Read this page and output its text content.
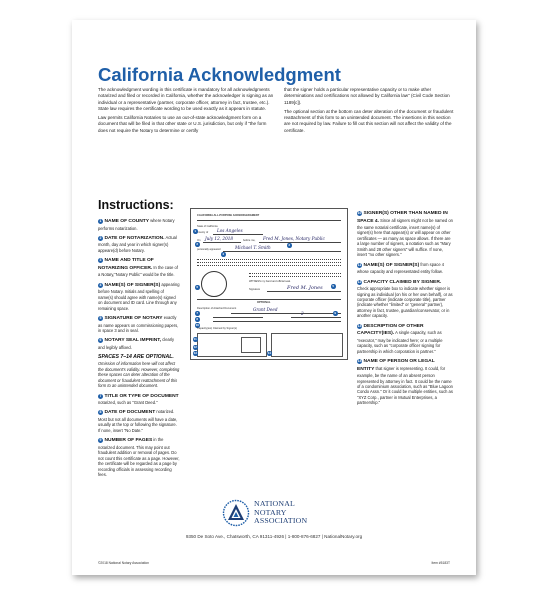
California Acknowledgment

The acknowledgment wording in this certificate is mandatory for all acknowledgments notarized and filed or recorded in California, whether the acknowledger is signing as an individual or a representative (partner, corporate officer, attorney in fact, trustee, etc.). State law requires the certificate wording to be used exactly as it appears in statute.

Law permits California Notaries to use an out-of-state acknowledgment form on a document that will be filed in that other state or U.S. jurisdiction, but only if "the form does not require the Notary to determine or certify

that the signer holds a particular representative capacity or to make other determinations and certifications not allowed by California law" (Civil Code Section 1189[c]).

The optional section at the bottom can deter alteration of the document or fraudulent reattachment of this form to an unintended document. The insertions in this section are not required by law. Failure to fill out this section will not affect the validity of the certificate.

Instructions:
1 NAME OF COUNTY where Notary performs notarization.
2 DATE OF NOTARIZATION. Actual month, day and year in which signer(s) appeare(d) before Notary.
3 NAME AND TITLE OF NOTARIZING OFFICER. In the case of a Notary,"Notary Public" would be the title.
4 NAME(S) OF SIGNER(S) appearing before Notary. Initials and spelling of name(s) should agree with name(s) signed on document and ID card. Line through any remaining space.
5 SIGNATURE OF NOTARY exactly as name appears on commissioning papers, in space 3 and in seal.
6 NOTARY SEAL IMPRINT, clearly and legibly affixed.
SPACES 7–14 ARE OPTIONAL.
Omission of information here will not affect the document's validity. However, completing these spaces can deter alteration of the document or fraudulent reattachment of this form to an unintended document.
7 TITLE OR TYPE OF DOCUMENT notarized, such as "Grant Deed."
8 DATE OF DOCUMENT notarized. Most but not all documents will have a date, usually at the top or following the signature. If none, insert "No Date."
9 NUMBER OF PAGES in the notarized document. This may point out fraudulent addition or removal of pages. Do not count this certificate as a page. However, the certificate will be regarded as a page by recording officials in assessing recording fees.
CALIFORNIA ALL-PURPOSE ACKNOWLEDGMENT
State of California
County of Los Angeles
1
On July 12, 2018	before me, Fred M. Jones, Notary Public
2	3
personally appeared	Michael T. Smith
4
6
WITNESS my hand and official seal.
Signature	Fred M. Jones	5
OPTIONAL
Description of Attached Document	Grant Deed
7	2
8
9
10
Capacity(ies) Claimed by Signer(s)
11
12
13	14
10 SIGNER(S) OTHER THAN NAMED IN SPACE 4. Since all signers might not be named on the same notarial certificate, insert name(s) of signer(s) here that appear(s) or will appear on other certificates — as many as space allows. If there are a large number of signers, a notation such as "Mary Smith and 28 other signers" will suffice. If none, insert "no other signers."
11 NAME(S) OF SIGNER(S) from space 4 whose capacity and representated entity follow.
12 CAPACITY CLAIMED BY SIGNER. Check appropriate box to indicate whether signer is signing as individual (on his or her own behalf), or as corporate officer (indicate corporate title), partner (indicate whether "limited" or "general" partner), attorney in fact, trustee, guardian/conservator, or in another capacity.
13 DESCRIPTION OF OTHER CAPACITY(IES). A single capacity, such as "executor," may be indicated here; or a multiple capacity, such as "corporate officer signing for partnership in which corporation is partner."
14 NAME OF PERSON OR LEGAL ENTITY that signer is representing. It could, for example, be the name of an absent person represented by attorney in fact. It could be the name of a condominium association, such as "Blue Lagoon Condo Assn." Or it could be multiple entities, such as "XYZ Corp., partner in Mutual Enterprises, a partnership."
NATIONAL
NOTARY
ASSOCIATION
9350 De Soto Ave., Chatsworth, CA 91311-4926 | 1-800-876-6827 | NationalNotary.org
©2018 National Notary Association	Item #5183T
